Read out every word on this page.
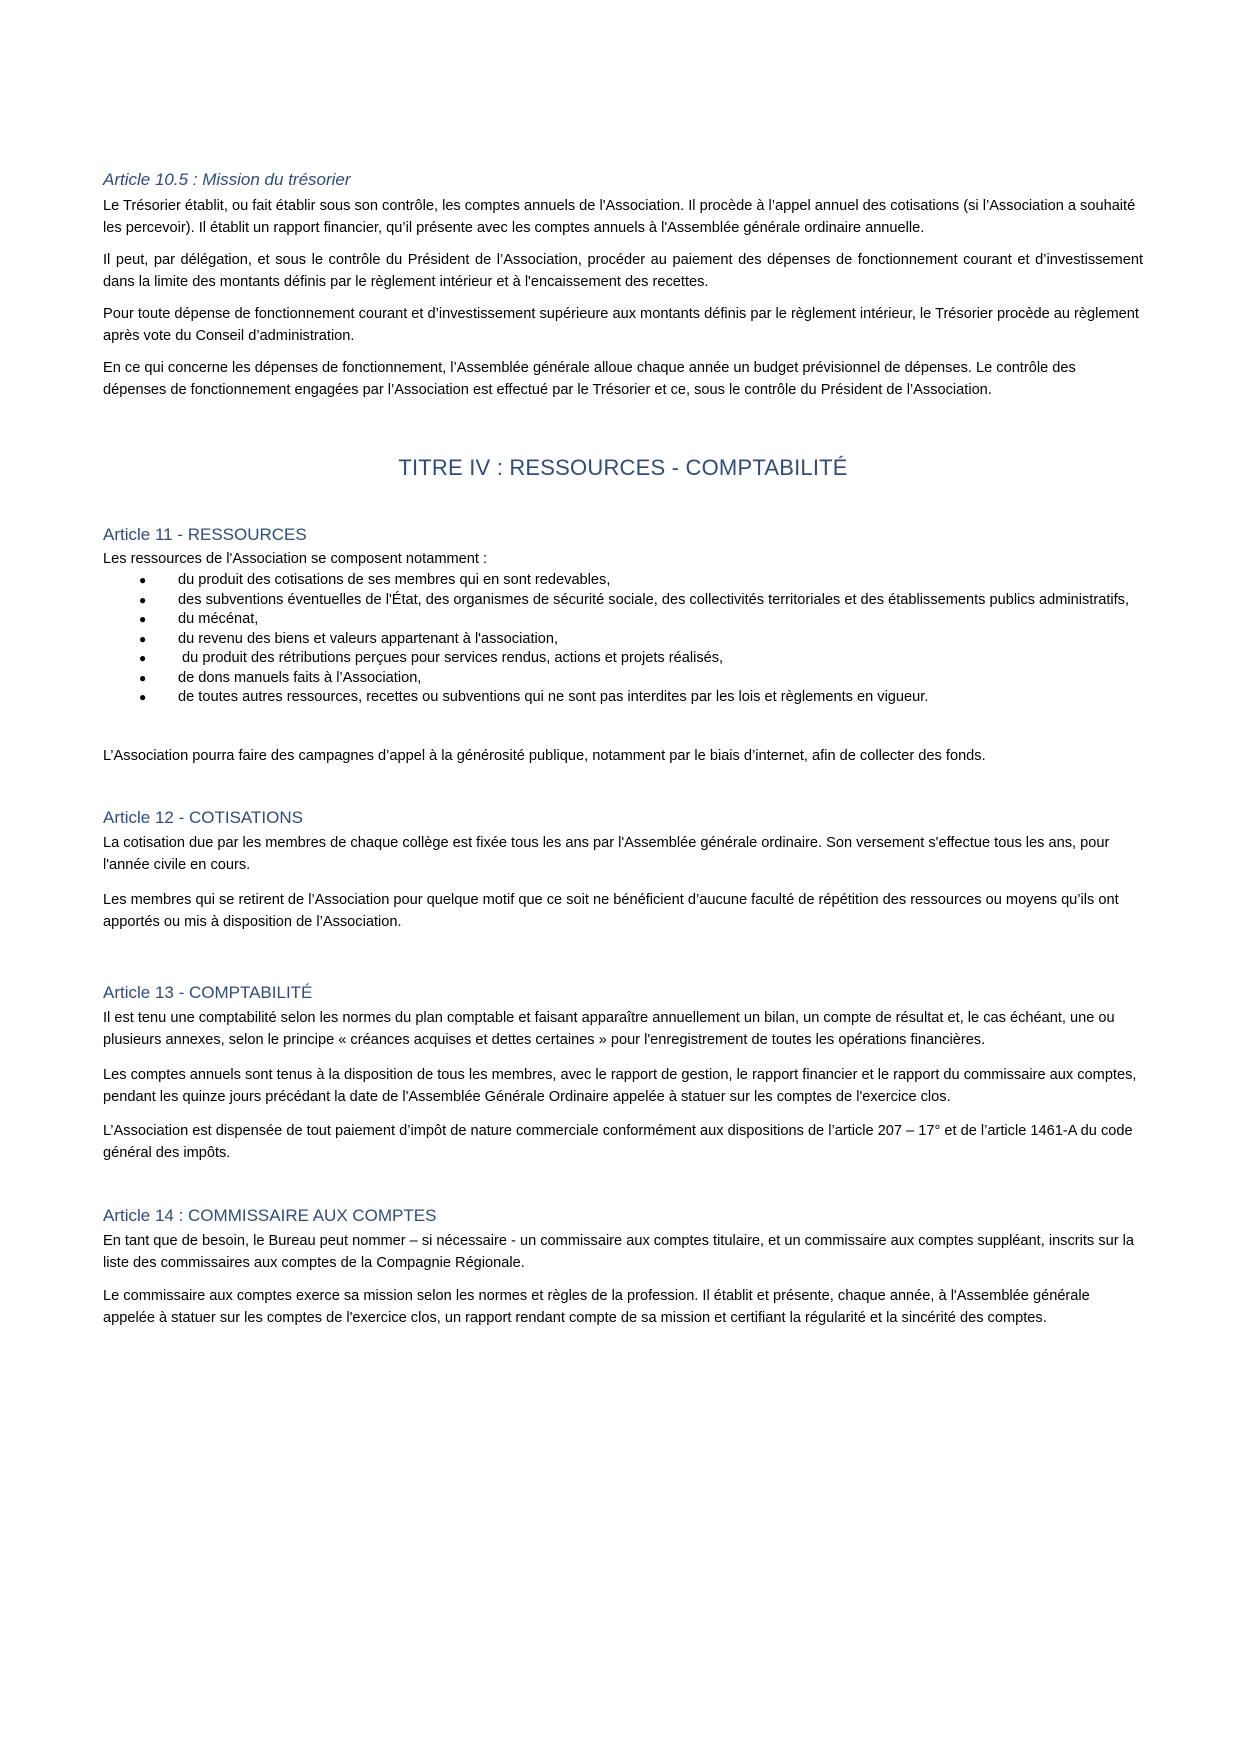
Article 10.5 : Mission du trésorier

Le Trésorier établit, ou fait établir sous son contrôle, les comptes annuels de l'Association. Il procède à l’appel annuel des cotisations (si l’Association a souhaité les percevoir). Il établit un rapport financier, qu’il présente avec les comptes annuels à l'Assemblée générale ordinaire annuelle.

Il peut, par délégation, et sous le contrôle du Président de l’Association, procéder au paiement des dépenses de fonctionnement courant et d’investissement dans la limite des montants définis par le règlement intérieur et à l'encaissement des recettes.

Pour toute dépense de fonctionnement courant et d’investissement supérieure aux montants définis par le règlement intérieur, le Trésorier procède au règlement après vote du Conseil d’administration.

En ce qui concerne les dépenses de fonctionnement, l’Assemblée générale alloue chaque année un budget prévisionnel de dépenses. Le contrôle des dépenses de fonctionnement engagées par l’Association est effectué par le Trésorier et ce, sous le contrôle du Président de l’Association.

TITRE IV : RESSOURCES - COMPTABILITÉ
Article 11 - RESSOURCES

Les ressources de l'Association se composent notamment :

● du produit des cotisations de ses membres qui en sont redevables,
● des subventions éventuelles de l'État, des organismes de sécurité sociale, des collectivités territoriales et des établissements publics administratifs,
● du mécénat,
● du revenu des biens et valeurs appartenant à l'association,
● du produit des rétributions perçues pour services rendus, actions et projets réalisés,
● de dons manuels faits à l’Association,
● de toutes autres ressources, recettes ou subventions qui ne sont pas interdites par les lois et règlements en vigueur.

L’Association pourra faire des campagnes d’appel à la générosité publique, notamment par le biais d’internet, afin de collecter des fonds.

Article 12 - COTISATIONS

La cotisation due par les membres de chaque collège est fixée tous les ans par l'Assemblée générale ordinaire. Son versement s'effectue tous les ans, pour l'année civile en cours.

Les membres qui se retirent de l’Association pour quelque motif que ce soit ne bénéficient d’aucune faculté de répétition des ressources ou moyens qu’ils ont apportés ou mis à disposition de l’Association.

Article 13 - COMPTABILITÉ

Il est tenu une comptabilité selon les normes du plan comptable et faisant apparaître annuellement un bilan, un compte de résultat et, le cas échéant, une ou plusieurs annexes, selon le principe « créances acquises et dettes certaines » pour l'enregistrement de toutes les opérations financières.

Les comptes annuels sont tenus à la disposition de tous les membres, avec le rapport de gestion, le rapport financier et le rapport du commissaire aux comptes, pendant les quinze jours précédant la date de l'Assemblée Générale Ordinaire appelée à statuer sur les comptes de l'exercice clos.

L’Association est dispensée de tout paiement d’impôt de nature commerciale conformément aux dispositions de l’article 207 – 17° et de l’article 1461-A du code général des impôts.

Article 14 : COMMISSAIRE AUX COMPTES

En tant que de besoin, le Bureau peut nommer – si nécessaire - un commissaire aux comptes titulaire, et un commissaire aux comptes suppléant, inscrits sur la liste des commissaires aux comptes de la Compagnie Régionale.

Le commissaire aux comptes exerce sa mission selon les normes et règles de la profession. Il établit et présente, chaque année, à l'Assemblée générale appelée à statuer sur les comptes de l'exercice clos, un rapport rendant compte de sa mission et certifiant la régularité et la sincérité des comptes.
